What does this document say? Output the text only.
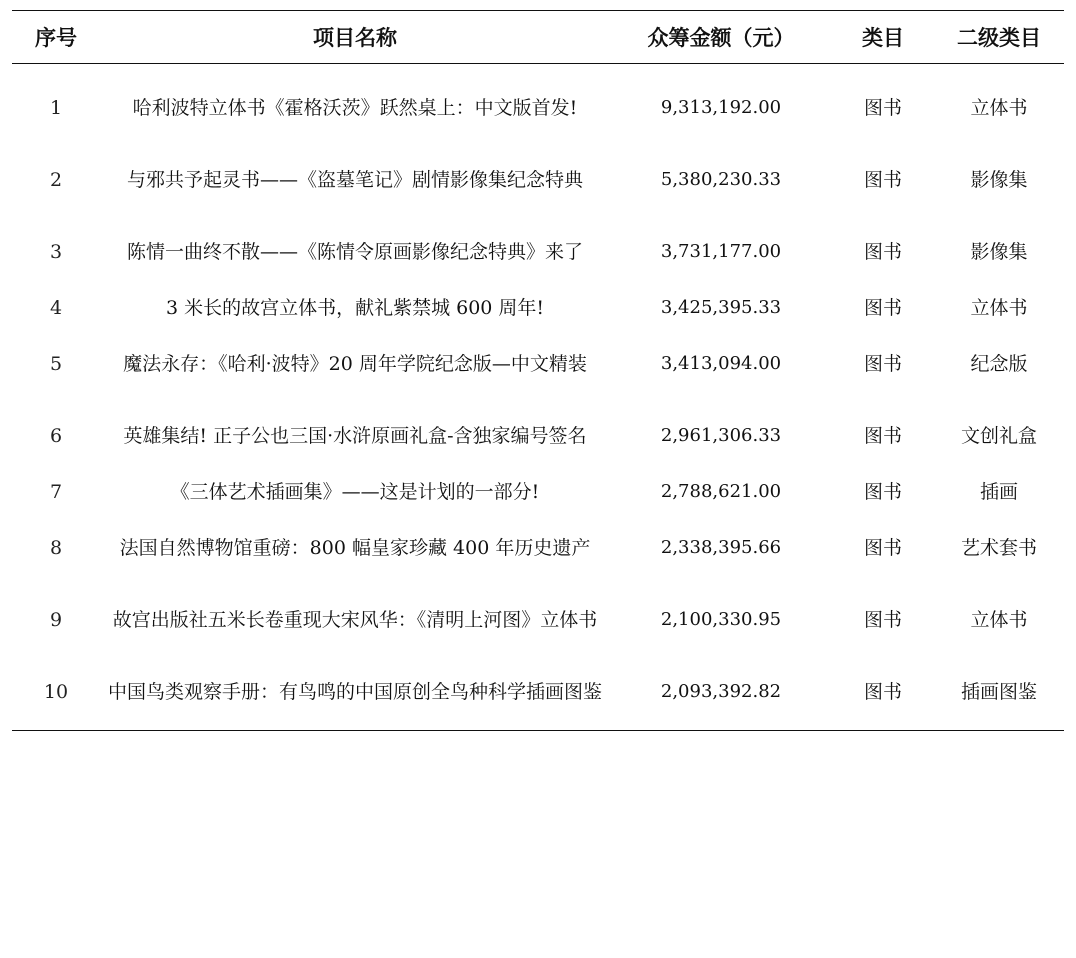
序号	项目名称	众筹金额（元）	类目	二级类目
1	哈利波特立体书《霍格沃茨》跃然桌上：中文版首发!	9,313,192.00	图书	立体书
2	与邪共予起灵书——《盗墓笔记》剧情影像集纪念特典	5,380,230.33	图书	影像集
3	陈情一曲终不散——《陈情令原画影像纪念特典》来了	3,731,177.00	图书	影像集
4	3 米长的故宫立体书，献礼紫禁城 600 周年!	3,425,395.33	图书	立体书
5	魔法永存：《哈利·波特》20 周年学院纪念版—中文精装	3,413,094.00	图书	纪念版
6	英雄集结! 正子公也三国·水浒原画礼盒-含独家编号签名	2,961,306.33	图书	文创礼盒
7	《三体艺术插画集》——这是计划的一部分!	2,788,621.00	图书	插画
8	法国自然博物馆重磅：800 幅皇家珍藏 400 年历史遗产	2,338,395.66	图书	艺术套书
9	故宫出版社五米长卷重现大宋风华：《清明上河图》立体书	2,100,330.95	图书	立体书
10	中国鸟类观察手册：有鸟鸣的中国原创全鸟种科学插画图鉴	2,093,392.82	图书	插画图鉴
